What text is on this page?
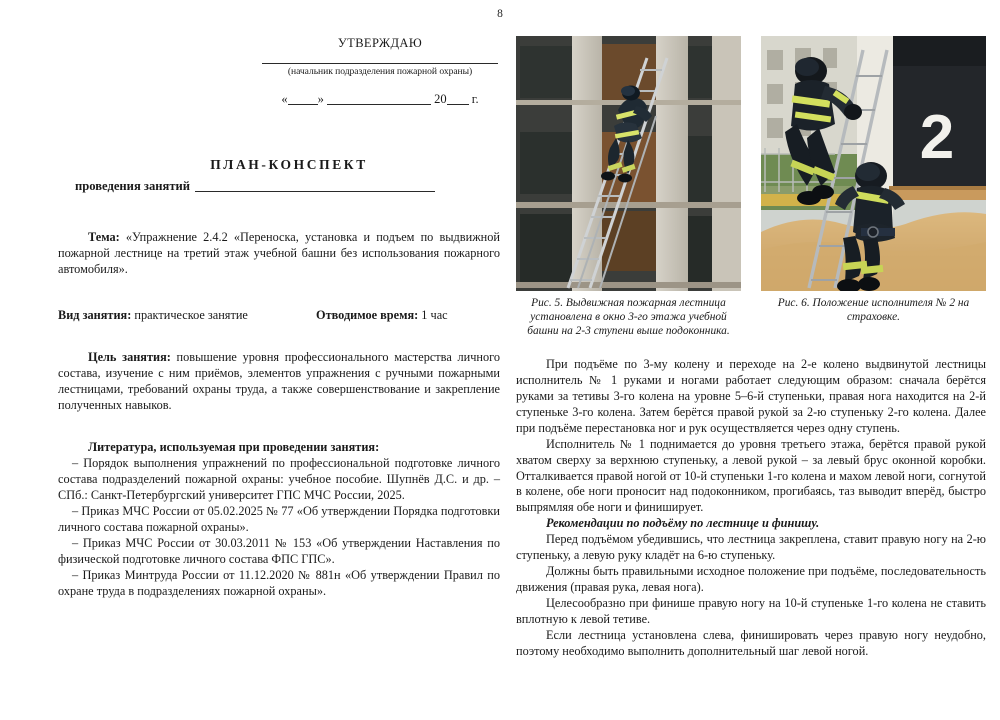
8
УТВЕРЖДАЮ
(начальник подразделения пожарной охраны)
« »	20 г.
ПЛАН-КОНСПЕКТ
проведения занятий

Тема: «Упражнение 2.4.2 «Переноска, установка и подъем по выдвижной пожарной лестнице на третий этаж учебной башни без использования пожарного автомобиля».

Вид занятия: практическое занятие	Отводимое время: 1 час

Цель занятия: повышение уровня профессионального мастерства личного состава, изучение с ним приёмов, элементов упражнения с ручными пожарными лестницами, требований охраны труда, а также совершенствование и закрепление полученных навыков.

Литература, используемая при проведении занятия:

– Порядок выполнения упражнений по профессиональной подготовке личного состава подразделений пожарной охраны: учебное пособие. Шупнёв Д.С. и др. –СПб.: Санкт-Петербургский университет ГПС МЧС России, 2025.

– Приказ МЧС России от 05.02.2025 № 77 «Об утверждении Порядка подготовки личного состава пожарной охраны».

– Приказ МЧС России от 30.03.2011 № 153 «Об утверждении Наставления по физической подготовке личного состава ФПС ГПС».

– Приказ Минтруда России от 11.12.2020 № 881н «Об утверждении Правил по охране труда в подразделениях пожарной охраны».

Рис. 5. Выдвижная пожарная лестница установлена в окно 3-го этажа учебной башни на 2-3 ступени выше подоконника.
2
Рис. 6. Положение исполнителя № 2 на страховке.

При подъёме по 3-му колену и переходе на 2-е колено выдвинутой лестницы исполнитель № 1 руками и ногами работает следующим образом: сначала берётся руками за тетивы 3-го колена на уровне 5–6-й ступеньки, правая нога находится на 2-й ступеньке 3-го колена. Затем берётся правой рукой за 2-ю ступеньку 2-го колена. Далее при подъёме перестановка ног и рук осуществляется через одну ступень.

Исполнитель № 1 поднимается до уровня третьего этажа, берётся правой рукой хватом сверху за верхнюю ступеньку, а левой рукой – за левый брус оконной коробки. Отталкивается правой ногой от 10-й ступеньки 1-го колена и махом левой ноги, согнутой в колене, обе ноги проносит над подоконником, прогибаясь, таз выводит вперёд, быстро выпрямляя обе ноги и финиширует.

Рекомендации по подъёму по лестнице и финишу.

Перед подъёмом убедившись, что лестница закреплена, ставит правую ногу на 2-ю ступеньку, а левую руку кладёт на 6-ю ступеньку.

Должны быть правильными исходное положение при подъёме, последовательность движения (правая рука, левая нога).

Целесообразно при финише правую ногу на 10-й ступеньке 1-го колена не ставить вплотную к левой тетиве.

Если лестница установлена слева, финишировать через правую ногу неудобно, поэтому необходимо выполнить дополнительный шаг левой ногой.
